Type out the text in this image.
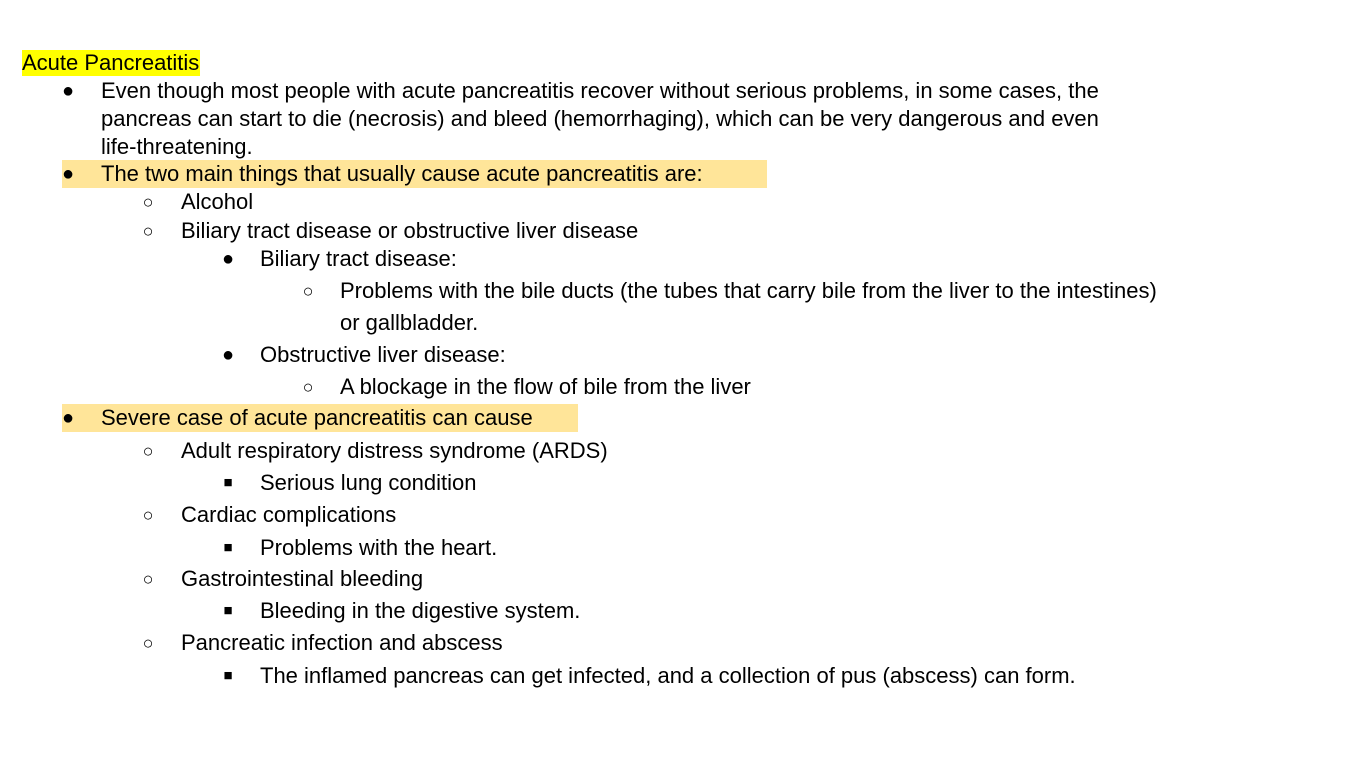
Acute Pancreatitis
● Even though most people with acute pancreatitis recover without serious problems, in some cases, the
pancreas can start to die (necrosis) and bleed (hemorrhaging), which can be very dangerous and even
life-threatening.
● The two main things that usually cause acute pancreatitis are:
○ Alcohol
○ Biliary tract disease or obstructive liver disease
● Biliary tract disease:
○ Problems with the bile ducts (the tubes that carry bile from the liver to the intestines)
or gallbladder.
● Obstructive liver disease:
○ A blockage in the flow of bile from the liver
● Severe case of acute pancreatitis can cause
○ Adult respiratory distress syndrome (ARDS)
■ Serious lung condition
○ Cardiac complications
■ Problems with the heart.
○ Gastrointestinal bleeding
■ Bleeding in the digestive system.
○ Pancreatic infection and abscess
■ The inflamed pancreas can get infected, and a collection of pus (abscess) can form.
